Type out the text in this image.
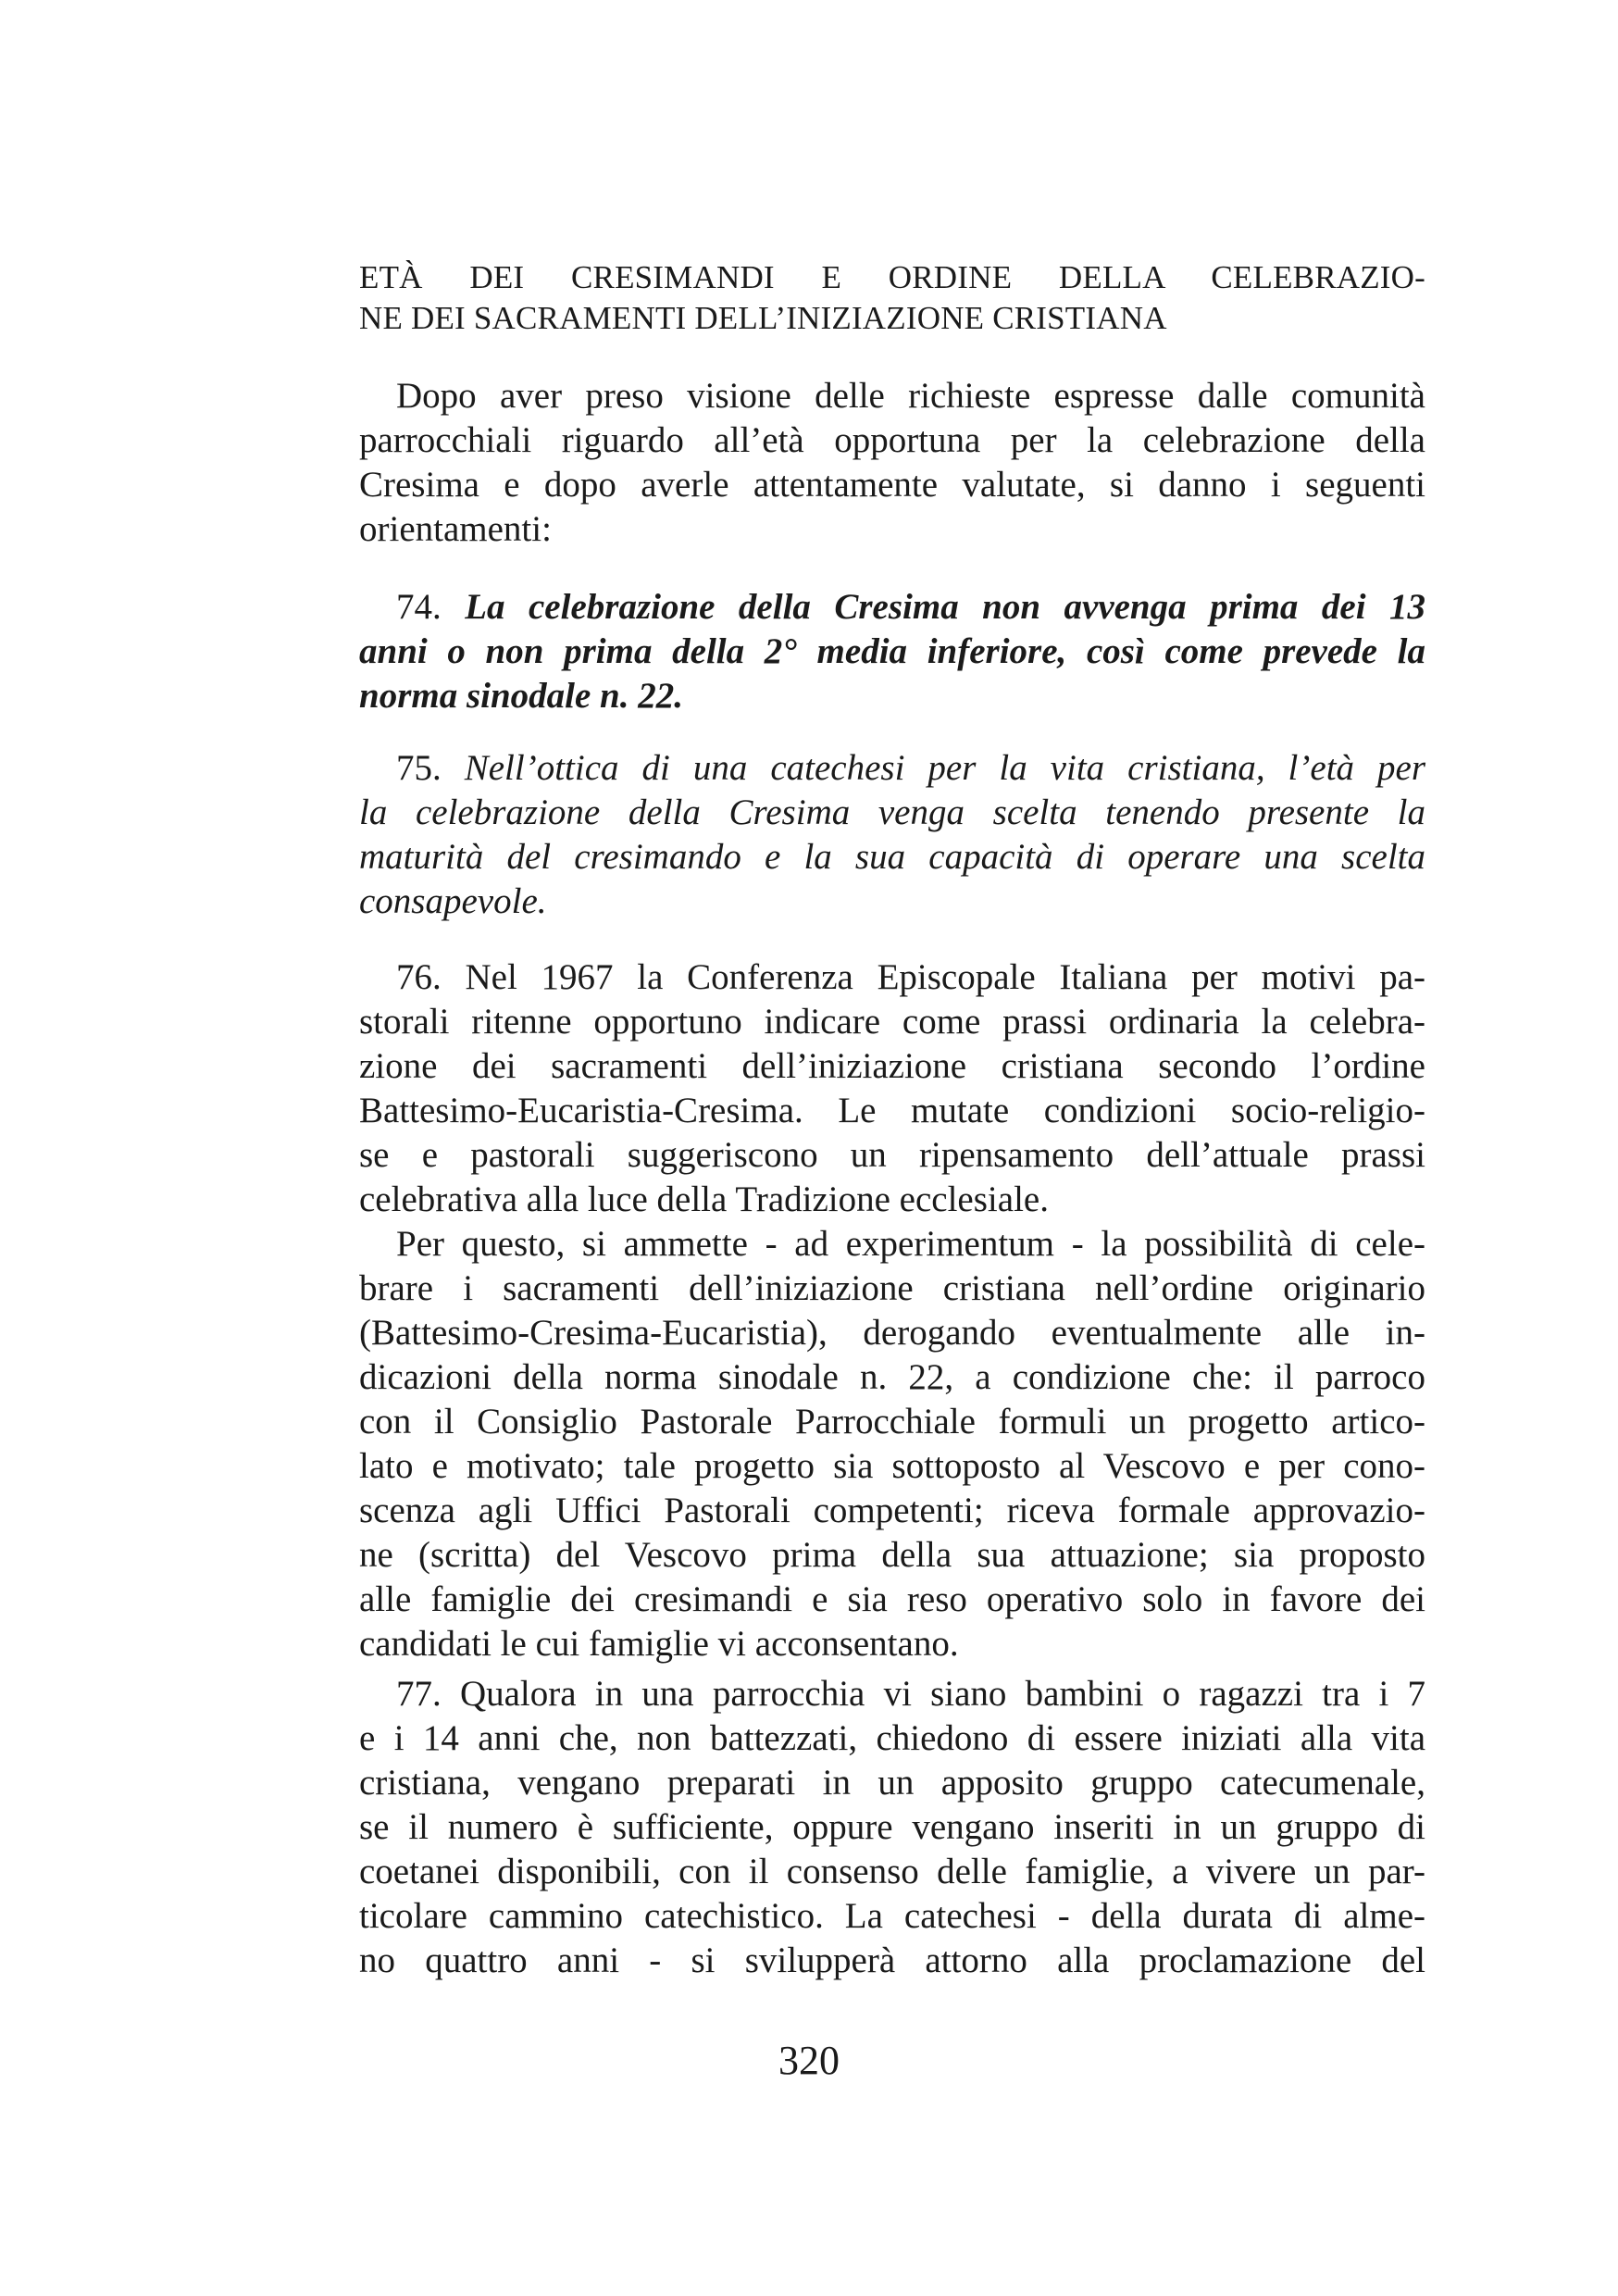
ETÀ DEI CRESIMANDI E ORDINE DELLA CELEBRAZIO-
NE DEI SACRAMENTI DELL’INIZIAZIONE CRISTIANA
Dopo aver preso visione delle richieste espresse dalle comunità
parrocchiali riguardo all’età opportuna per la celebrazione della
Cresima e dopo averle attentamente valutate, si danno i seguenti
orientamenti:
74. La celebrazione della Cresima non avvenga prima dei 13
anni o non prima della 2° media inferiore, così come prevede la
norma sinodale n. 22.
75. Nell’ottica di una catechesi per la vita cristiana, l’età per
la celebrazione della Cresima venga scelta tenendo presente la
maturità del cresimando e la sua capacità di operare una scelta
consapevole.
76. Nel 1967 la Conferenza Episcopale Italiana per motivi pa-
storali ritenne opportuno indicare come prassi ordinaria la celebra-
zione dei sacramenti dell’iniziazione cristiana secondo l’ordine
Battesimo-Eucaristia-Cresima. Le mutate condizioni socio-religio-
se e pastorali suggeriscono un ripensamento dell’attuale prassi
celebrativa alla luce della Tradizione ecclesiale.
Per questo, si ammette - ad experimentum - la possibilità di cele-
brare i sacramenti dell’iniziazione cristiana nell’ordine originario
(Battesimo-Cresima-Eucaristia), derogando eventualmente alle in-
dicazioni della norma sinodale n. 22, a condizione che: il parroco
con il Consiglio Pastorale Parrocchiale formuli un progetto artico-
lato e motivato; tale progetto sia sottoposto al Vescovo e per cono-
scenza agli Uffici Pastorali competenti; riceva formale approvazio-
ne (scritta) del Vescovo prima della sua attuazione; sia proposto
alle famiglie dei cresimandi e sia reso operativo solo in favore dei
candidati le cui famiglie vi acconsentano.
77. Qualora in una parrocchia vi siano bambini o ragazzi tra i 7
e i 14 anni che, non battezzati, chiedono di essere iniziati alla vita
cristiana, vengano preparati in un apposito gruppo catecumenale,
se il numero è sufficiente, oppure vengano inseriti in un gruppo di
coetanei disponibili, con il consenso delle famiglie, a vivere un par-
ticolare cammino catechistico. La catechesi - della durata di almе-
no quattro anni - si svilupperà attorno alla proclamazione del
320
